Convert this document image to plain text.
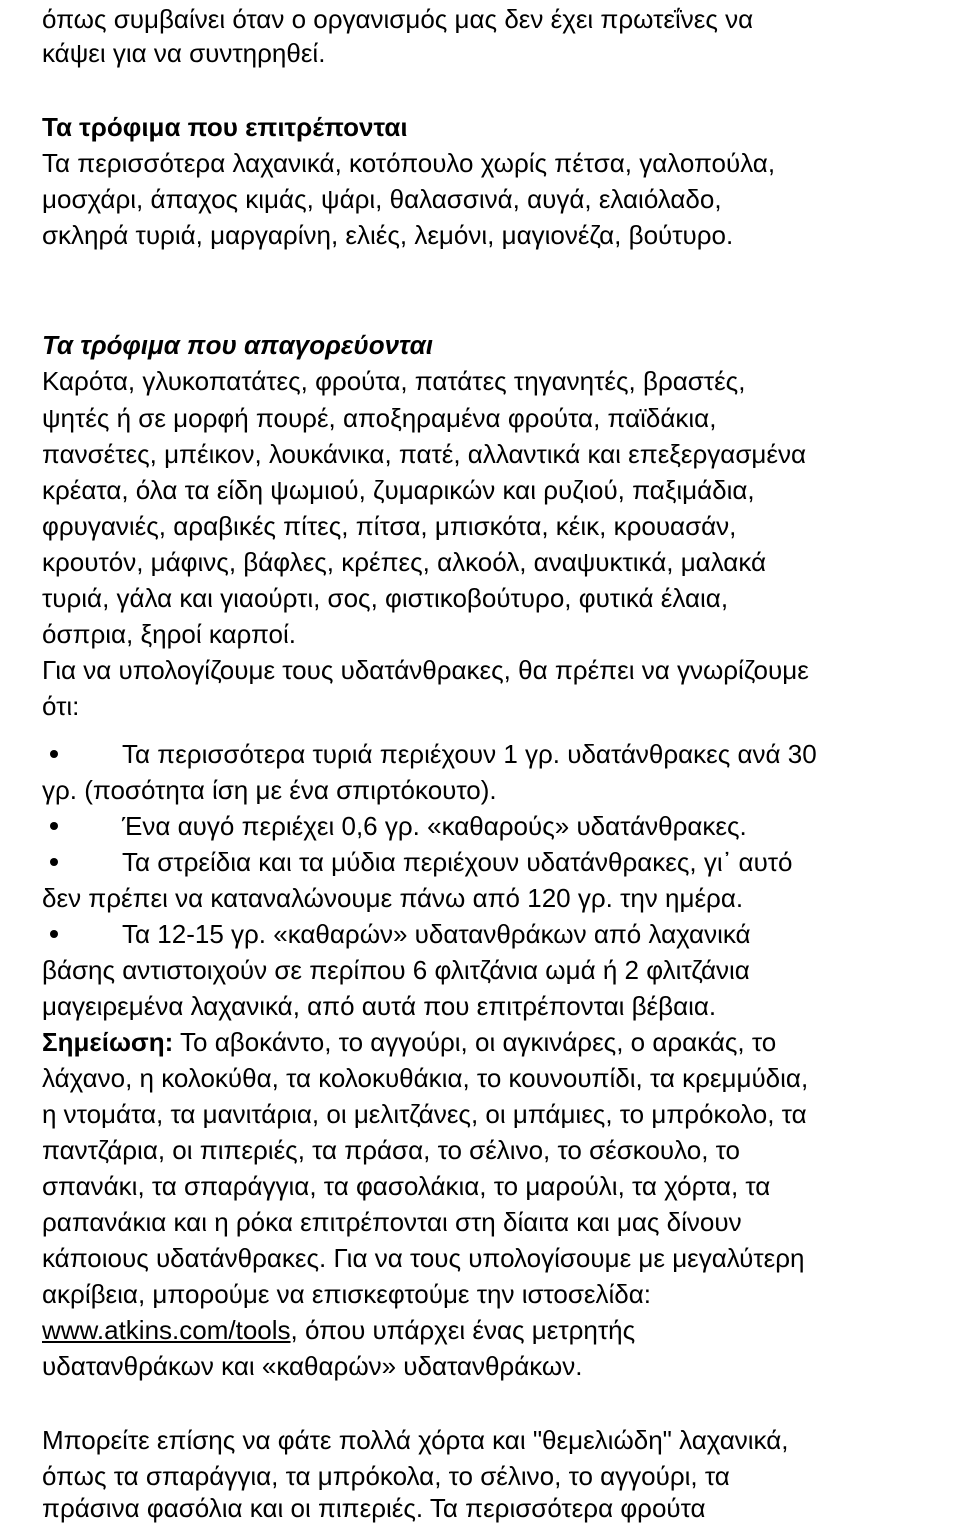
όπως συμβαίνει όταν ο οργανισμός μας δεν έχει πρωτεΐνες να
κάψει για να συντηρηθεί.
Τα τρόφιμα που επιτρέπονται
Τα περισσότερα λαχανικά, κοτόπουλο χωρίς πέτσα, γαλοπούλα,
μοσχάρι, άπαχος κιμάς, ψάρι, θαλασσινά, αυγά, ελαιόλαδο,
σκληρά τυριά, μαργαρίνη, ελιές, λεμόνι, μαγιονέζα, βούτυρο.
Τα τρόφιμα που απαγορεύονται
Καρότα, γλυκοπατάτες, φρούτα, πατάτες τηγανητές, βραστές,
ψητές ή σε μορφή πουρέ, αποξηραμένα φρούτα, παϊδάκια,
πανσέτες, μπέικον, λουκάνικα, πατέ, αλλαντικά και επεξεργασμένα
κρέατα, όλα τα είδη ψωμιού, ζυμαρικών και ρυζιού, παξιμάδια,
φρυγανιές, αραβικές πίτες, πίτσα, μπισκότα, κέικ, κρουασάν,
κρουτόν, μάφινς, βάφλες, κρέπες, αλκοόλ, αναψυκτικά, μαλακά
τυριά, γάλα και γιαούρτι, σος, φιστικοβούτυρο, φυτικά έλαια,
όσπρια, ξηροί καρποί.
Για να υπολογίζουμε τους υδατάνθρακες, θα πρέπει να γνωρίζουμε
ότι:
Τα περισσότερα τυριά περιέχουν 1 γρ. υδατάνθρακες ανά 30
γρ. (ποσότητα ίση με ένα σπιρτόκουτο).
Ένα αυγό περιέχει 0,6 γρ. «καθαρούς» υδατάνθρακες.
Τα στρείδια και τα μύδια περιέχουν υδατάνθρακες, γι᾽ αυτό
δεν πρέπει να καταναλώνουμε πάνω από 120 γρ. την ημέρα.
Τα 12-15 γρ. «καθαρών» υδατανθράκων από λαχανικά
βάσης αντιστοιχούν σε περίπου 6 φλιτζάνια ωμά ή 2 φλιτζάνια
μαγειρεμένα λαχανικά, από αυτά που επιτρέπονται βέβαια.
Σημείωση: Το αβοκάντο, το αγγούρι, οι αγκινάρες, ο αρακάς, το
λάχανο, η κολοκύθα, τα κολοκυθάκια, το κουνουπίδι, τα κρεμμύδια,
η ντομάτα, τα μανιτάρια, οι μελιτζάνες, οι μπάμιες, το μπρόκολο, τα
παντζάρια, οι πιπεριές, τα πράσα, το σέλινο, το σέσκουλο, το
σπανάκι, τα σπαράγγια, τα φασολάκια, το μαρούλι, τα χόρτα, τα
ραπανάκια και η ρόκα επιτρέπονται στη δίαιτα και μας δίνουν
κάποιους υδατάνθρακες. Για να τους υπολογίσουμε με μεγαλύτερη
ακρίβεια, μπορούμε να επισκεφτούμε την ιστοσελίδα:
www.atkins.com/tools, όπου υπάρχει ένας μετρητής
υδατανθράκων και «καθαρών» υδατανθράκων.
Μπορείτε επίσης να φάτε πολλά χόρτα και "θεμελιώδη" λαχανικά,
όπως τα σπαράγγια, τα μπρόκολα, το σέλινο, το αγγούρι, τα
πράσινα φασόλια και οι πιπεριές. Τα περισσότερα φρούτα
